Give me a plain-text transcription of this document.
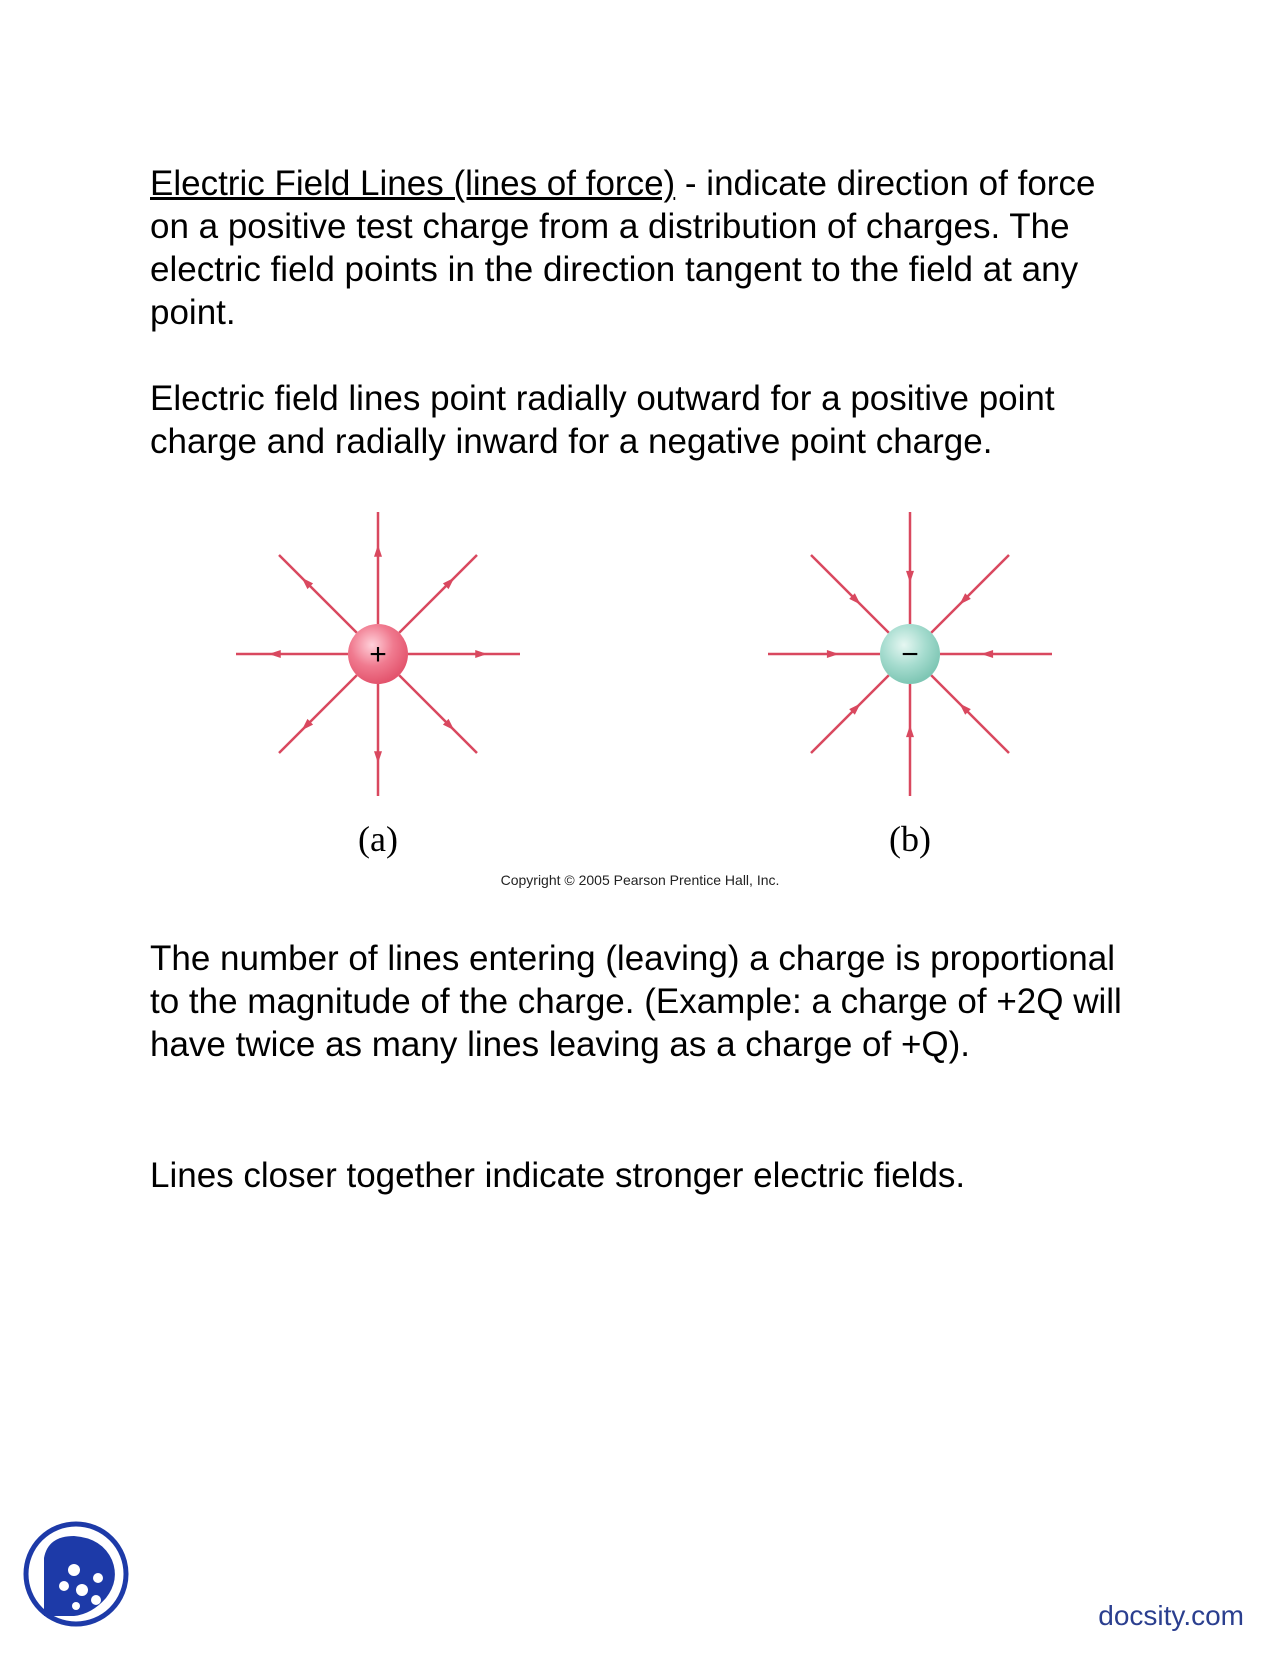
Electric Field Lines (lines of force) - indicate direction of force on a positive test charge from a distribution of charges. The electric field points in the direction tangent to the field at any point.

Electric field lines point radially outward for a positive point charge and radially inward for a negative point charge.

+	−
(a)	(b)
Copyright © 2005 Pearson Prentice Hall, Inc.

The number of lines entering (leaving) a charge is proportional to the magnitude of the charge. (Example: a charge of +2Q will have twice as many lines leaving as a charge of +Q).

Lines closer together indicate stronger electric fields.

docsity.com
